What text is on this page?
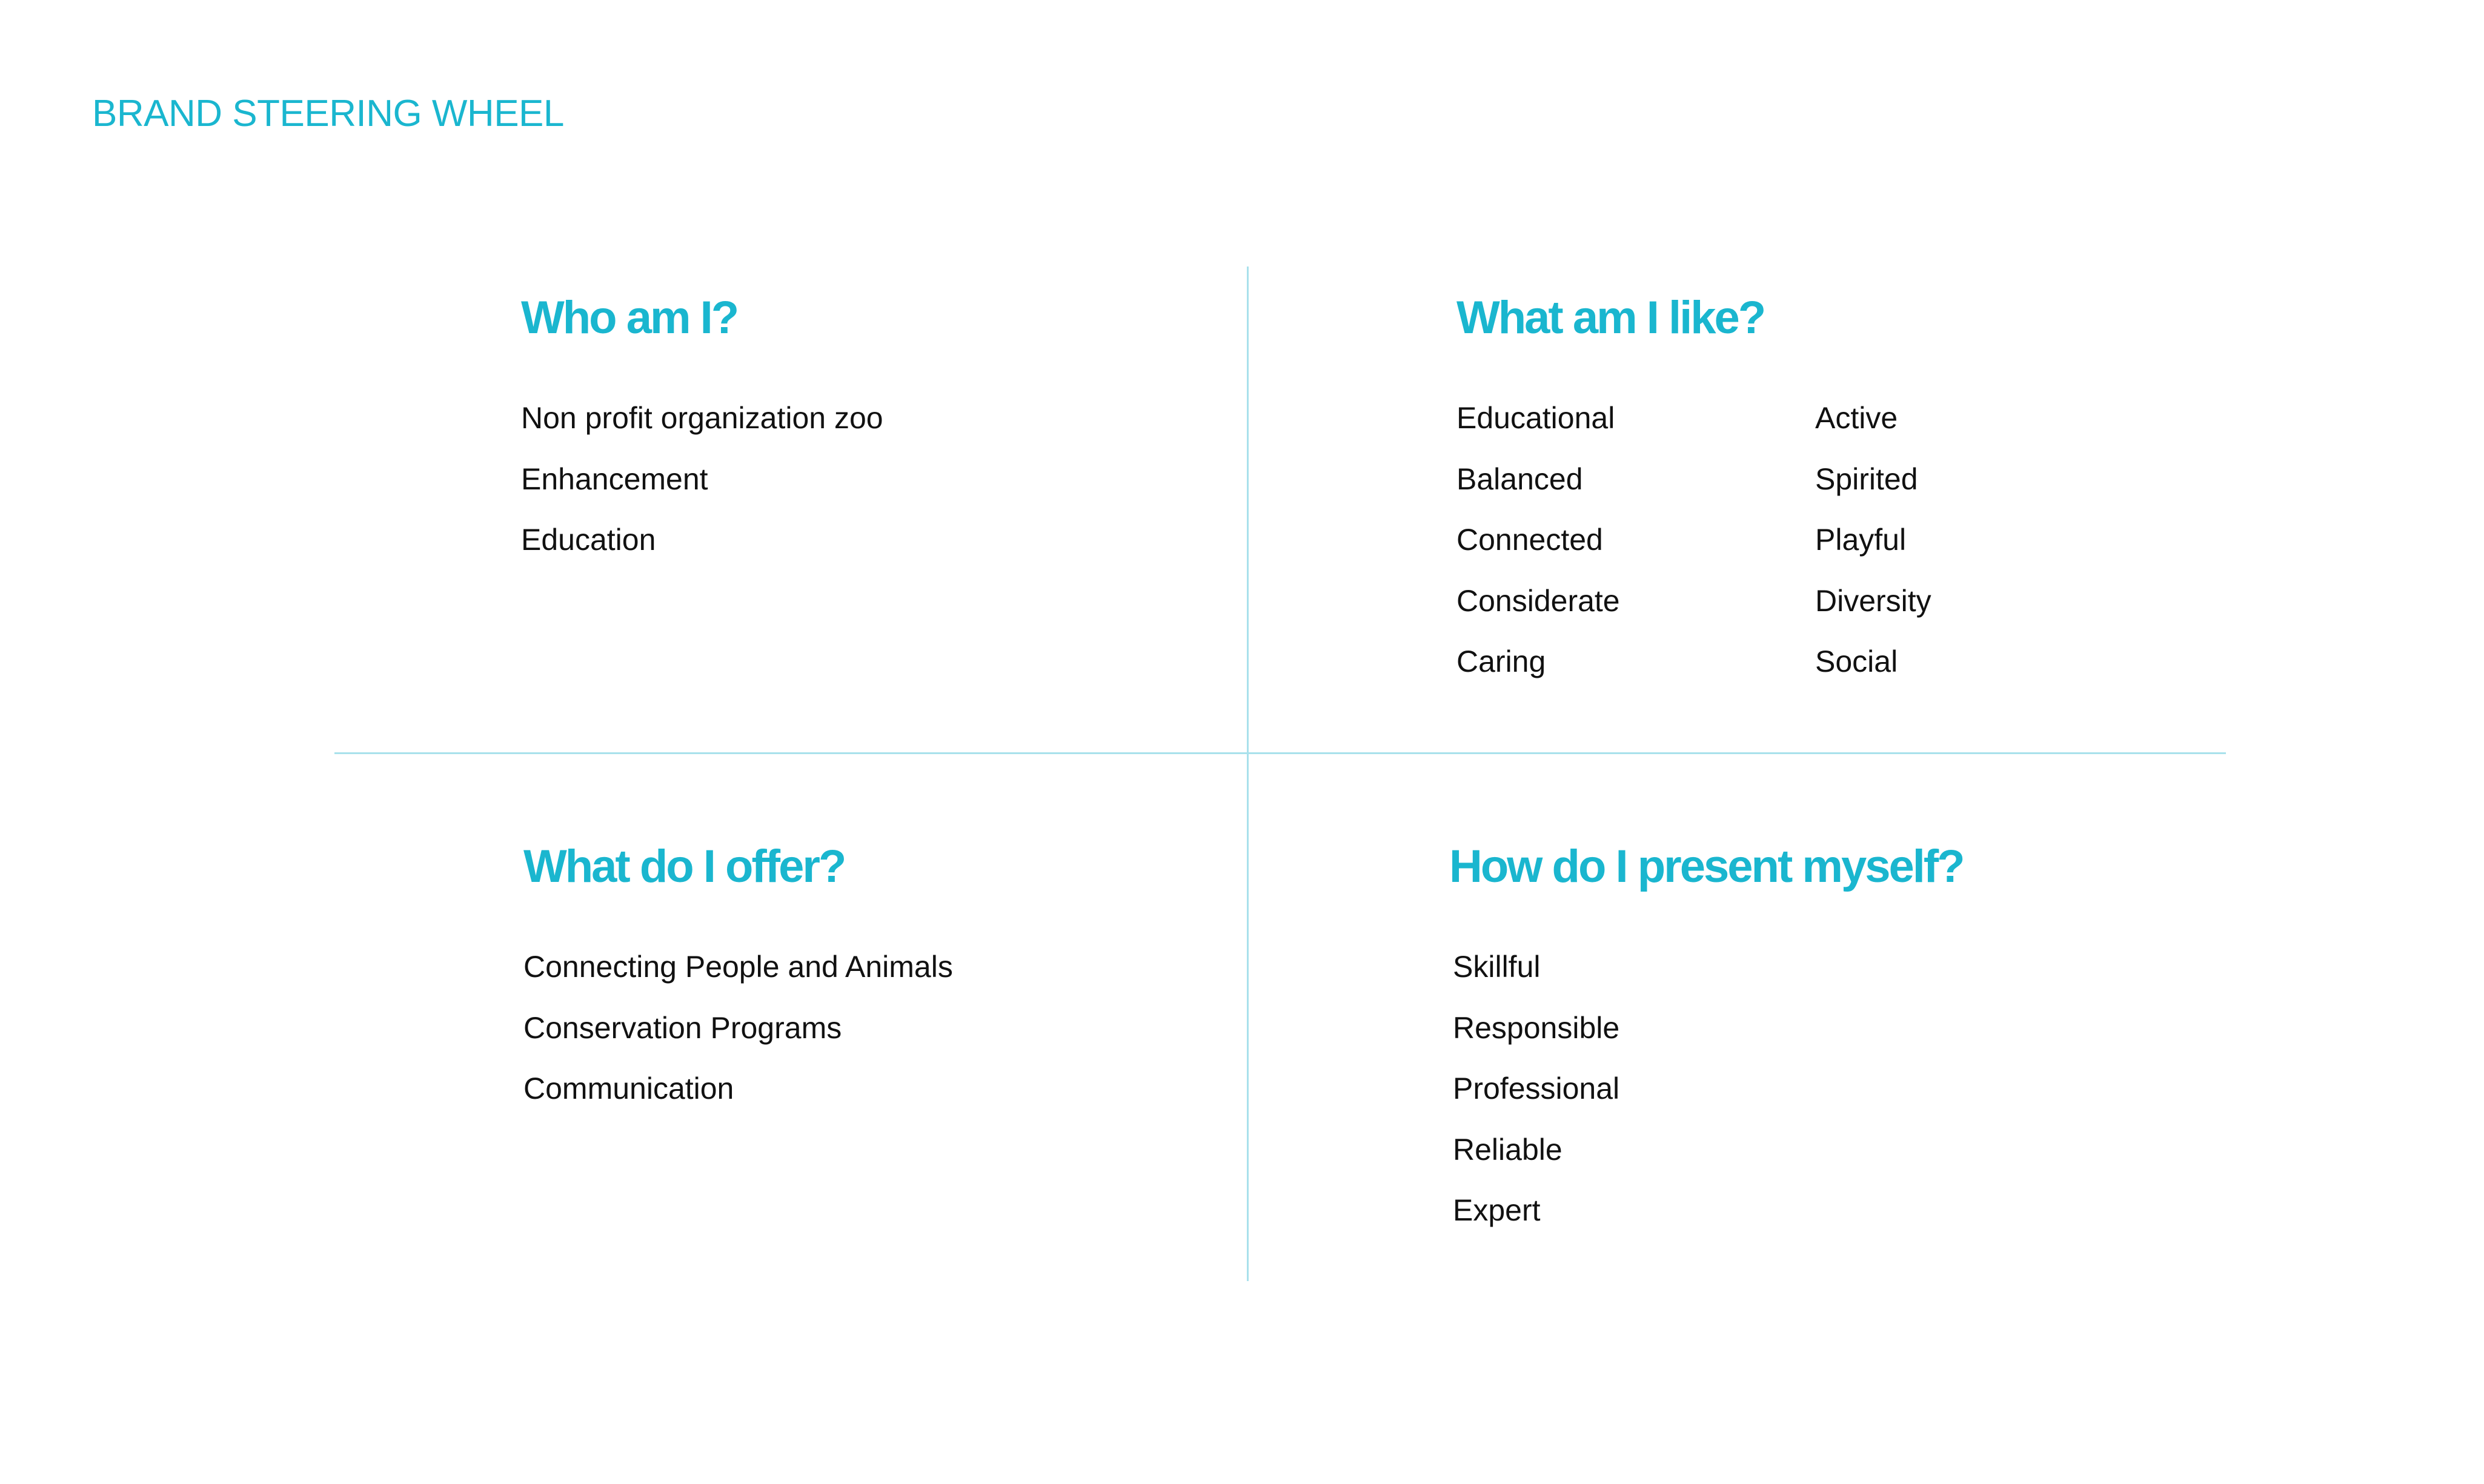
BRAND STEERING WHEEL
Who am I?
Non profit organization zoo
Enhancement
Education
What am I like?
Educational
Balanced
Connected
Considerate
Caring
Active
Spirited
Playful
Diversity
Social
What do I offer?
Connecting People and Animals
Conservation Programs
Communication
How do I present myself?
Skillful
Responsible
Professional
Reliable
Expert
